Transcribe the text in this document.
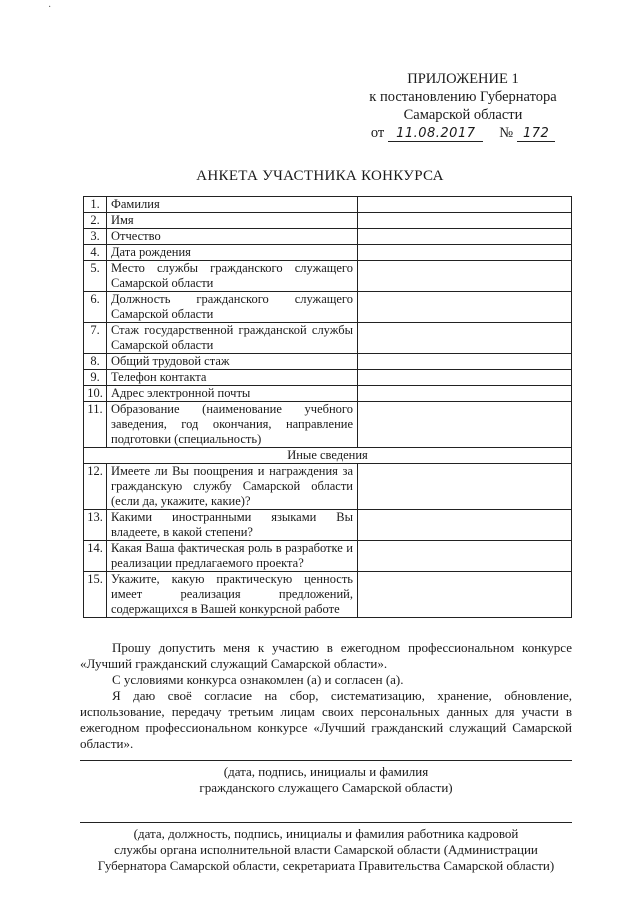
·
ПРИЛОЖЕНИЕ 1
к постановлению Губернатора
Самарской области
от 11.08.2017	№ 172
АНКЕТА УЧАСТНИКА КОНКУРСА
1.	Фамилия	
2.	Имя	
3.	Отчество	
4.	Дата рождения	
5.	Место службы гражданского служащего Самарской области	
6.	Должность гражданского служащего Самарской области	
7.	Стаж государственной гражданской службы Самарской области	
8.	Общий трудовой стаж	
9.	Телефон контакта	
10.	Адрес электронной почты	
11.	Образование (наименование учебного заведения, год окончания, направление подготовки (специальность)	
Иные сведения		
12.	Имеете ли Вы поощрения и награждения за гражданскую службу Самарской области (если да, укажите, какие)?	
13.	Какими иностранными языками Вы владеете, в какой степени?	
14.	Какая Ваша фактическая роль в разработке и реализации предлагаемого проекта?	
15.	Укажите, какую практическую ценность имеет реализация предложений, содержащихся в Вашей конкурсной работе	

Прошу допустить меня к участию в ежегодном профессиональном конкурсе «Лучший гражданский служащий Самарской области».

С условиями конкурса ознакомлен (а) и согласен (а).

Я даю своё согласие на сбор, систематизацию, хранение, обновление, использование, передачу третьим лицам своих персональных данных для участи в ежегодном профессиональном конкурсе «Лучший гражданский служащий Самарской области».

(дата, подпись, инициалы и фамилия
гражданского служащего Самарской области)
(дата, должность, подпись, инициалы и фамилия работника кадровой
службы органа исполнительной власти Самарской области (Администрации
Губернатора Самарской области, секретариата Правительства Самарской области)
